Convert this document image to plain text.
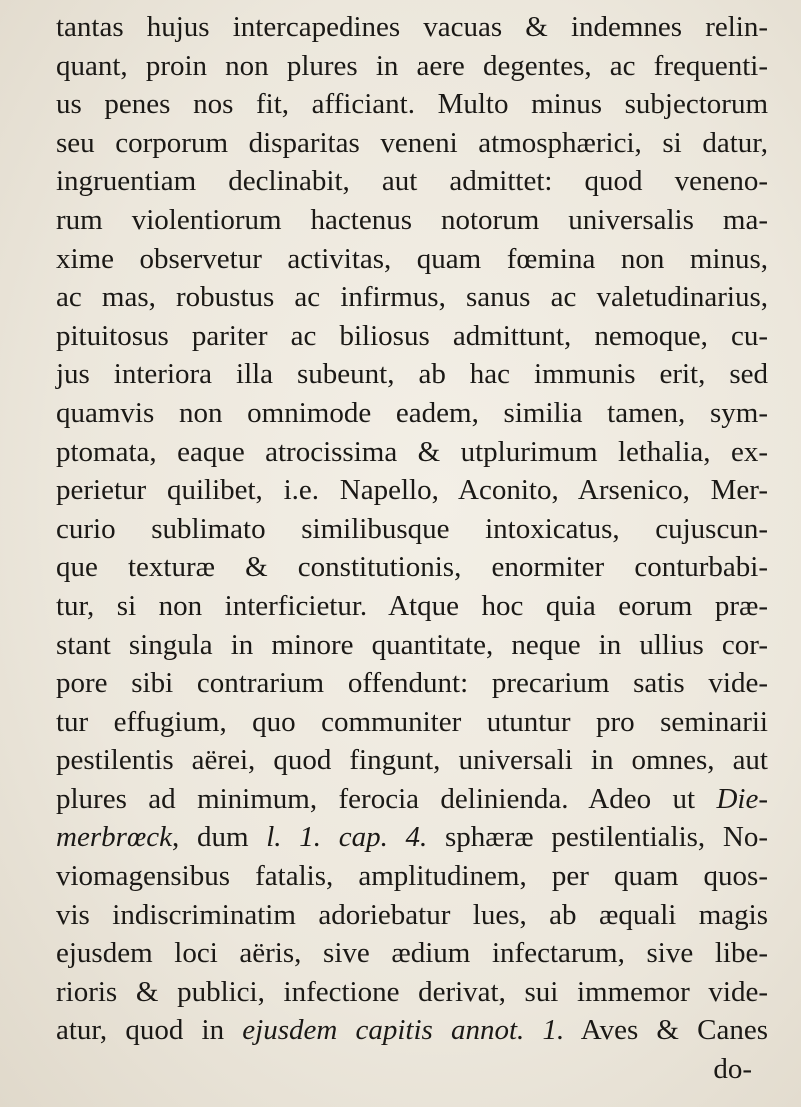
tantas hujus intercapedines vacuas & indemnes relin-
quant, proin non plures in aere degentes, ac frequenti-
us penes nos fit, afficiant. Multo minus subjectorum
seu corporum disparitas veneni atmosphærici, si datur,
ingruentiam declinabit, aut admittet: quod veneno-
rum violentiorum hactenus notorum universalis ma-
xime observetur activitas, quam fœmina non minus,
ac mas, robustus ac infirmus, sanus ac valetudinarius,
pituitosus pariter ac biliosus admittunt, nemoque, cu-
jus interiora illa subeunt, ab hac immunis erit, sed
quamvis non omnimode eadem, similia tamen, sym-
ptomata, eaque atrocissima & utplurimum lethalia, ex-
perietur quilibet, i.e. Napello, Aconito, Arsenico, Mer-
curio sublimato similibusque intoxicatus, cujuscun-
que texturæ & constitutionis, enormiter conturbabi-
tur, si non interficietur. Atque hoc quia eorum præ-
stant singula in minore quantitate, neque in ullius cor-
pore sibi contrarium offendunt: precarium satis vide-
tur effugium, quo communiter utuntur pro seminarii
pestilentis aërei, quod fingunt, universali in omnes, aut
plures ad minimum, ferocia delinienda. Adeo ut Die-
merbrœck, dum l. 1. cap. 4. sphæræ pestilentialis, No-
viomagensibus fatalis, amplitudinem, per quam quos-
vis indiscriminatim adoriebatur lues, ab æquali magis
ejusdem loci aëris, sive ædium infectarum, sive libe-
rioris & publici, infectione derivat, sui immemor vide-
atur, quod in ejusdem capitis annot. 1. Aves & Canes
do-
